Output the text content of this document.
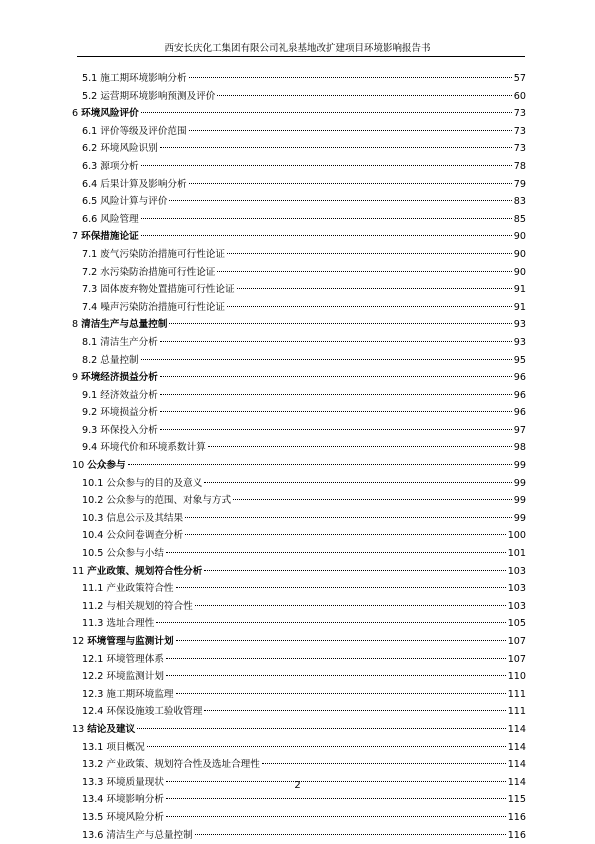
西安长庆化工集团有限公司礼泉基地改扩建项目环境影响报告书
5.1 施工期环境影响分析	57
5.2 运营期环境影响预测及评价	60
6 环境风险评价	73
6.1 评价等级及评价范围	73
6.2 环境风险识别	73
6.3 源项分析	78
6.4 后果计算及影响分析	79
6.5 风险计算与评价	83
6.6 风险管理	85
7 环保措施论证	90
7.1 废气污染防治措施可行性论证	90
7.2 水污染防治措施可行性论证	90
7.3 固体废弃物处置措施可行性论证	91
7.4 噪声污染防治措施可行性论证	91
8 清洁生产与总量控制	93
8.1 清洁生产分析	93
8.2 总量控制	95
9 环境经济损益分析	96
9.1 经济效益分析	96
9.2 环境损益分析	96
9.3 环保投入分析	97
9.4 环境代价和环境系数计算	98
10 公众参与	99
10.1 公众参与的目的及意义	99
10.2 公众参与的范围、对象与方式	99
10.3 信息公示及其结果	99
10.4 公众问卷调查分析	100
10.5 公众参与小结	101
11 产业政策、规划符合性分析	103
11.1 产业政策符合性	103
11.2 与相关规划的符合性	103
11.3 选址合理性	105
12 环境管理与监测计划	107
12.1 环境管理体系	107
12.2 环境监测计划	110
12.3 施工期环境监理	111
12.4 环保设施竣工验收管理	111
13 结论及建议	114
13.1 项目概况	114
13.2 产业政策、规划符合性及选址合理性	114
13.3 环境质量现状	114
13.4 环境影响分析	115
13.5 环境风险分析	116
13.6 清洁生产与总量控制	116
2
